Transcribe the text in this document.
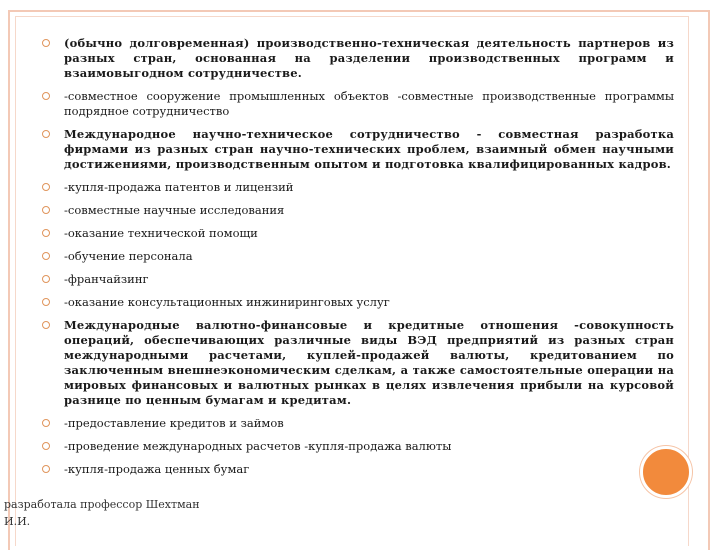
(обычно долговременная) производственно-техническая деятельность партнеров из разных стран, основанная на разделении производственных программ и взаимовыгодном сотрудничестве.
-совместное сооружение промышленных объектов -совместные производственные программы подрядное сотрудничество
Международное научно-техническое сотрудничество - совместная разработка фирмами из разных стран научно-технических проблем, взаимный обмен научными достижениями, производственным опытом и подготовка квалифицированных кадров.
-купля-продажа патентов и лицензий
-совместные научные исследования
-оказание технической помощи
-обучение персонала
-франчайзинг
-оказание консультационных инжиниринговых услуг
Международные валютно-финансовые и кредитные отношения -совокупность операций, обеспечивающих различные виды ВЭД предприятий из разных стран международными расчетами, куплей-продажей валюты, кредитованием по заключенным внешнеэкономическим сделкам, а также самостоятельные операции на мировых финансовых и валютных рынках в целях извлечения прибыли на курсовой разнице по ценным бумагам и кредитам.
-предоставление кредитов и займов
-проведение международных расчетов -купля-продажа валюты
-купля-продажа ценных бумаг
разработала профессор Шехтман
И.И.
